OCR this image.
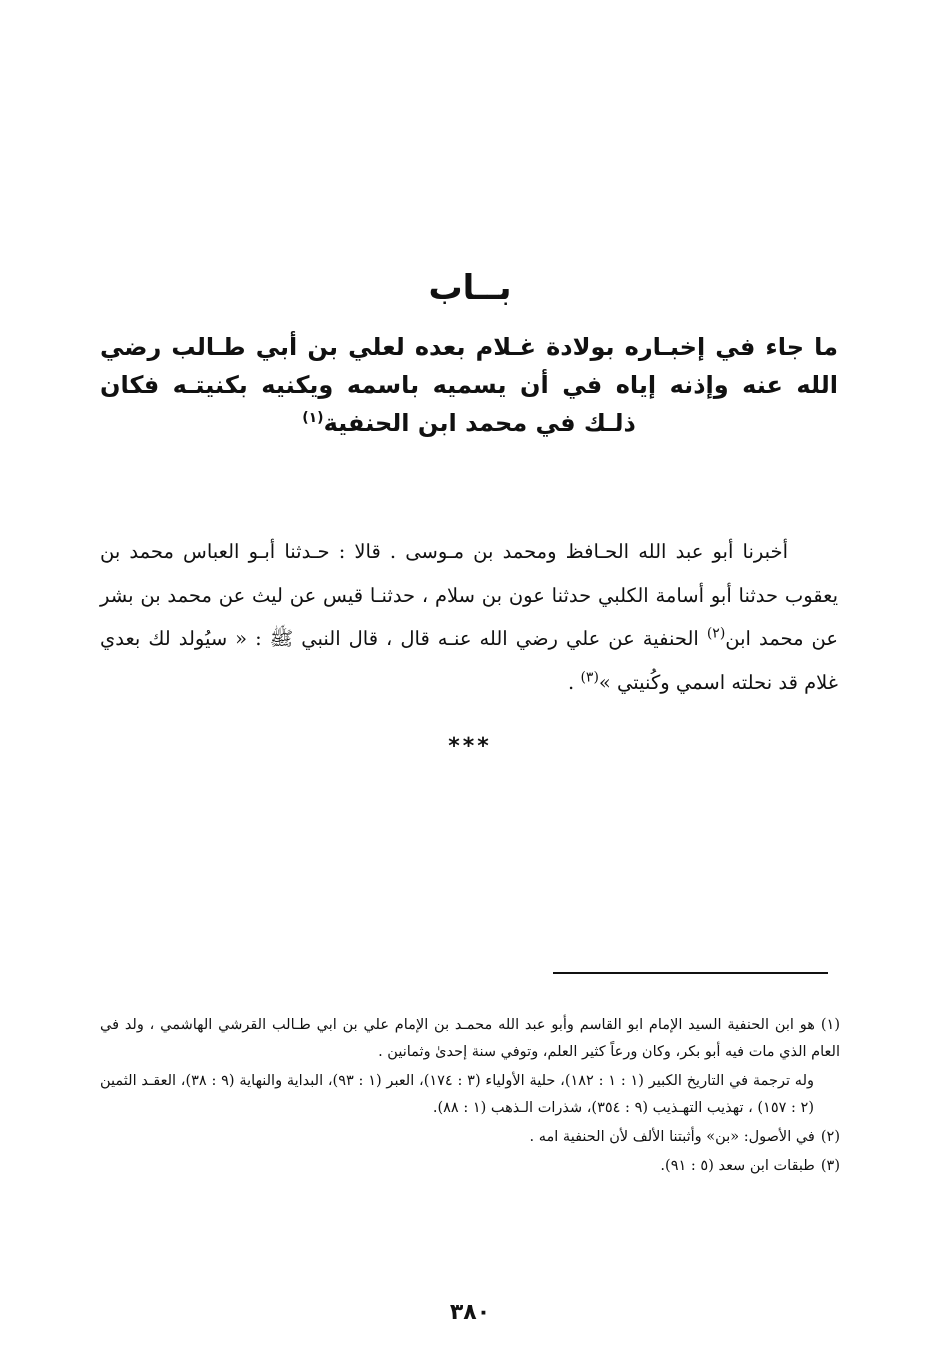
بــاب
ما جاء في إخبـاره بولادة غـلام بعده لعلي بن أبي طـالب رضي الله عنه وإذنه إياه في أن يسميه باسمه ويكنيه بكنيتـه فكان ذلـك في محمد ابن الحنفية$^{(١)}$

أخبرنا أبو عبد الله الحـافظ ومحمد بن مـوسى . قالا : حـدثنا أبـو العباس محمد بن يعقوب حدثنا أبو أسامة الكلبي حدثنا عون بن سلام ، حدثنـا قيس عن ليث عن محمد بن بشر عن محمد ابن$^{(٢)}$ الحنفية عن علي رضي الله عنـه قال ، قال النبي ﷺ : « سيُولد لك بعدي غلام قد نحلته اسمي وكُنيتي »$^{(٣)}$ .

***

(١)هو ابن الحنفية السيد الإمام ابو القاسم وأبو عبد الله محمـد بن الإمام علي بن ابي طـالب القرشي الهاشمي ، ولد في العام الذي مات فيه أبو بكر، وكان ورعاً كثير العلم، وتوفي سنة إحدىٰ وثمانين .

وله ترجمة في التاريخ الكبير (١ : ١ : ١٨٢)، حلية الأولياء (٣ : ١٧٤)، العبر (١ : ٩٣)، البداية والنهاية (٩ : ٣٨)، العقـد الثمين (٢ : ١٥٧) ، تهذيب التهـذيب (٩ : ٣٥٤)، شذرات الـذهب (١ : ٨٨).

(٢)في الأصول: «بن» وأثبتنا الألف لأن الحنفية امه .

(٣)طبقات ابن سعد (٥ : ٩١).

٣٨٠
